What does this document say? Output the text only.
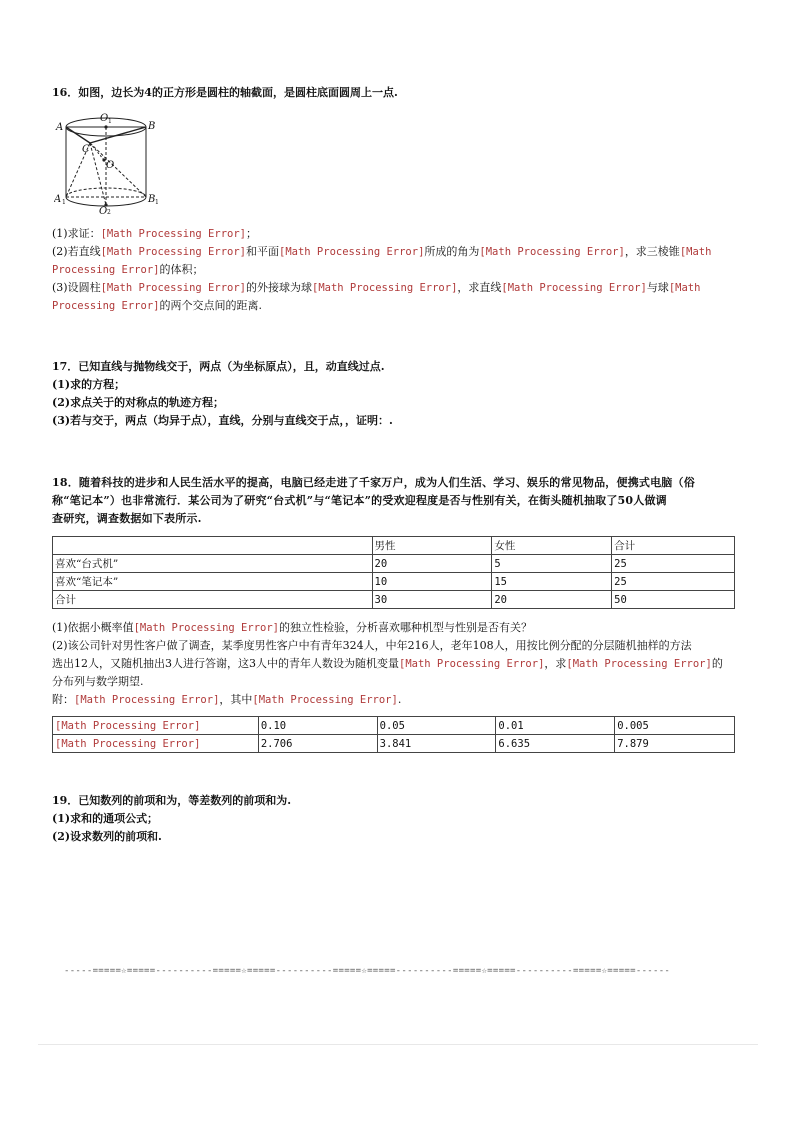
16．如图，边长为4的正方形是圆柱的轴截面，是圆柱底面圆周上一点.
A	B
O 1
C
O
A 1
O 2
B 1
(1)求证：[Math Processing Error]；
(2)若直线[Math Processing Error]和平面[Math Processing Error]所成的角为[Math Processing Error]，求三棱锥[Math
Processing Error]的体积；
(3)设圆柱[Math Processing Error]的外接球为球[Math Processing Error]，求直线[Math Processing Error]与球[Math
Processing Error]的两个交点间的距离.
17．已知直线与抛物线交于，两点（为坐标原点），且，动直线过点.
(1)求的方程；
(2)求点关于的对称点的轨迹方程；
(3)若与交于，两点（均异于点），直线，分别与直线交于点，，证明：.
18．随着科技的进步和人民生活水平的提高，电脑已经走进了千家万户，成为人们生活、学习、娱乐的常见物品，便携式电脑（俗
称“笔记本”）也非常流行．某公司为了研究“台式机”与“笔记本”的受欢迎程度是否与性别有关，在街头随机抽取了50人做调
查研究，调查数据如下表所示.
	男性	女性	合计
喜欢“台式机”	20	5	25
喜欢“笔记本”	10	15	25
合计	30	20	50
(1)依据小概率值[Math Processing Error]的独立性检验，分析喜欢哪种机型与性别是否有关？
(2)该公司针对男性客户做了调查，某季度男性客户中有青年324人，中年216人，老年108人，用按比例分配的分层随机抽样的方法
选出12人，又随机抽出3人进行答谢，这3人中的青年人数设为随机变量[Math Processing Error]，求[Math Processing Error]的
分布列与数学期望.
附：[Math Processing Error]，其中[Math Processing Error].
[Math Processing Error]	0.10	0.05	0.01	0.005
[Math Processing Error]	2.706	3.841	6.635	7.879
19．已知数列的前项和为，等差数列的前项和为.
(1)求和的通项公式；
(2)设求数列的前项和.
-----=====☆=====----------=====☆=====----------=====☆=====----------=====☆=====----------=====☆=====------
